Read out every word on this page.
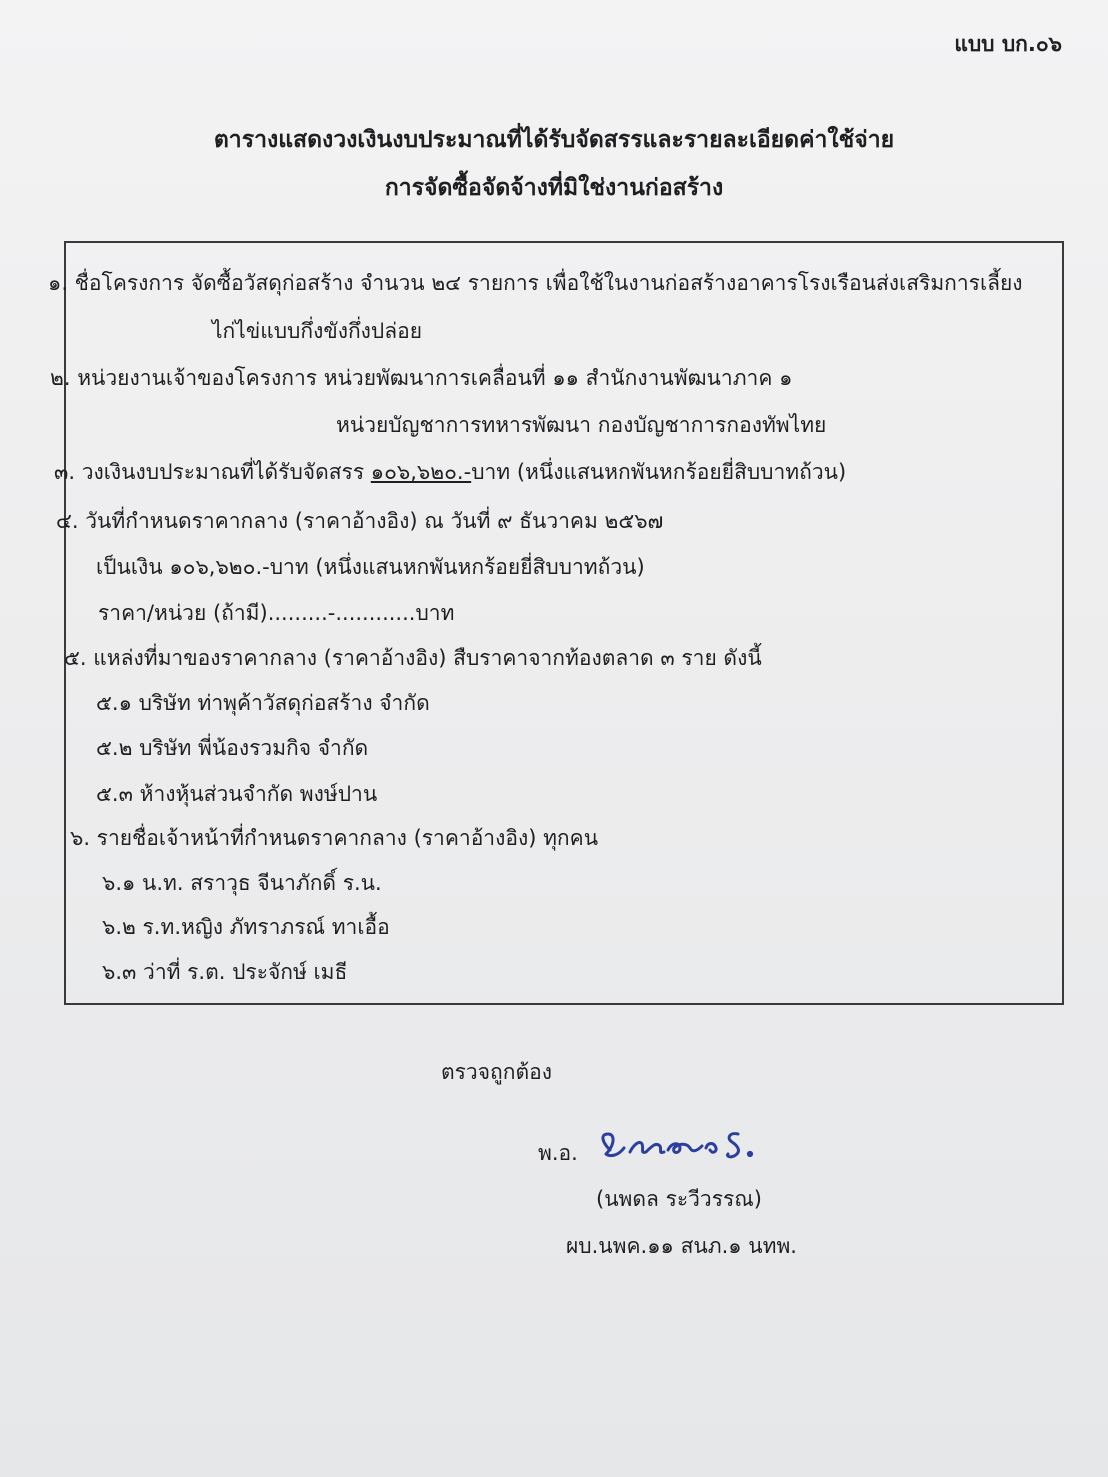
แบบ บก.๐๖
ตารางแสดงวงเงินงบประมาณที่ได้รับจัดสรรและรายละเอียดค่าใช้จ่าย
การจัดซื้อจัดจ้างที่มิใช่งานก่อสร้าง
๑. ชื่อโครงการ จัดซื้อวัสดุก่อสร้าง จำนวน ๒๔ รายการ เพื่อใช้ในงานก่อสร้างอาคารโรงเรือนส่งเสริมการเลี้ยง
ไก่ไข่แบบกึ่งขังกึ่งปล่อย
๒. หน่วยงานเจ้าของโครงการ หน่วยพัฒนาการเคลื่อนที่ ๑๑ สำนักงานพัฒนาภาค ๑
หน่วยบัญชาการทหารพัฒนา กองบัญชาการกองทัพไทย
๓. วงเงินงบประมาณที่ได้รับจัดสรร ๑๐๖,๖๒๐.-บาท (หนึ่งแสนหกพันหกร้อยยี่สิบบาทถ้วน)
๔. วันที่กำหนดราคากลาง (ราคาอ้างอิง) ณ วันที่ ๙ ธันวาคม ๒๕๖๗
เป็นเงิน ๑๐๖,๖๒๐.-บาท (หนึ่งแสนหกพันหกร้อยยี่สิบบาทถ้วน)
ราคา/หน่วย (ถ้ามี).........-............บาท
๕. แหล่งที่มาของราคากลาง (ราคาอ้างอิง) สืบราคาจากท้องตลาด ๓ ราย ดังนี้
๕.๑ บริษัท ท่าพุค้าวัสดุก่อสร้าง จำกัด
๕.๒ บริษัท พี่น้องรวมกิจ จำกัด
๕.๓ ห้างหุ้นส่วนจำกัด พงษ์ปาน
๖. รายชื่อเจ้าหน้าที่กำหนดราคากลาง (ราคาอ้างอิง) ทุกคน
๖.๑ น.ท. สราวุธ จีนาภักดิ์ ร.น.
๖.๒ ร.ท.หญิง ภัทราภรณ์ ทาเอื้อ
๖.๓ ว่าที่ ร.ต. ประจักษ์ เมธี
ตรวจถูกต้อง
พ.อ.
(นพดล ระวีวรรณ)
ผบ.นพค.๑๑ สนภ.๑ นทพ.
